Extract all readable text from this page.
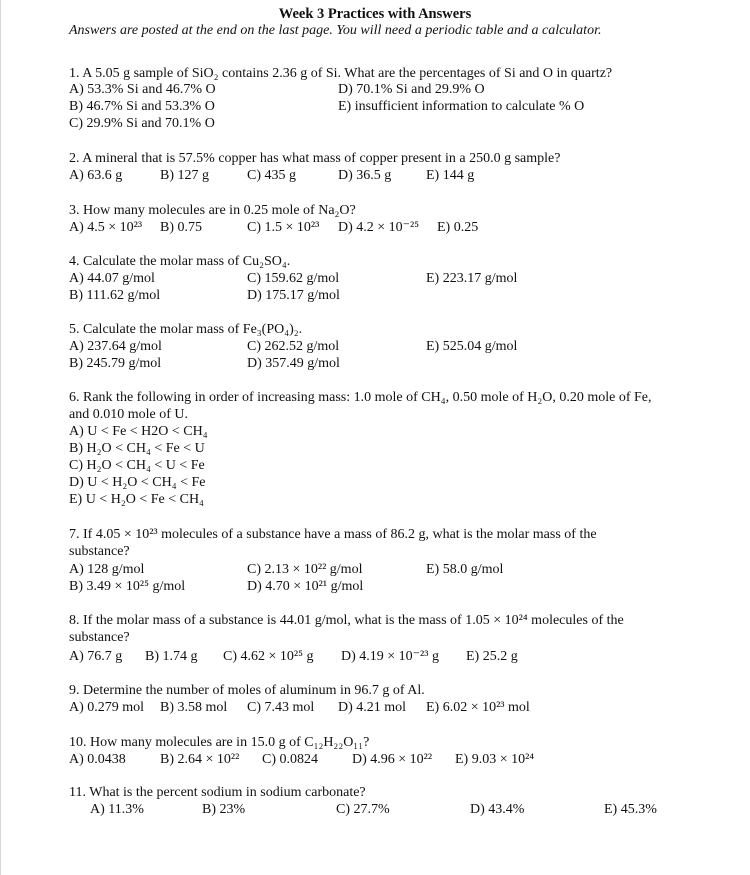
Week 3 Practices with Answers
Answers are posted at the end on the last page. You will need a periodic table and a calculator.
1. A 5.05 g sample of SiO₂ contains 2.36 g of Si. What are the percentages of Si and O in quartz?
A) 53.3% Si and 46.7% O
B) 46.7% Si and 53.3% O
C) 29.9% Si and 70.1% O
D) 70.1% Si and 29.9% O
E) insufficient information to calculate % O
2. A mineral that is 57.5% copper has what mass of copper present in a 250.0 g sample?
A) 63.6 g	B) 127 g	C) 435 g	D) 36.5 g E) 144 g
3. How many molecules are in 0.25 mole of Na₂O?
A) 4.5 × 10²³ B) 0.75	C) 1.5 × 10²³ D) 4.2 × 10⁻²⁵ E) 0.25
4. Calculate the molar mass of Cu₂SO₄.
A) 44.07 g/mol
B) 111.62 g/mol
C) 159.62 g/mol
D) 175.17 g/mol
E) 223.17 g/mol
5. Calculate the molar mass of Fe₃(PO₄)₂.
A) 237.64 g/mol
B) 245.79 g/mol
C) 262.52 g/mol
D) 357.49 g/mol
E) 525.04 g/mol
6. Rank the following in order of increasing mass: 1.0 mole of CH₄, 0.50 mole of H₂O, 0.20 mole of Fe,
and 0.010 mole of U.
A) U < Fe < H2O < CH₄
B) H₂O < CH₄ < Fe < U
C) H₂O < CH₄ < U < Fe
D) U < H₂O < CH₄ < Fe
E) U < H₂O < Fe < CH₄
7. If 4.05 × 10²³ molecules of a substance have a mass of 86.2 g, what is the molar mass of the
substance?
A) 128 g/mol
B) 3.49 × 10²⁵ g/mol
C) 2.13 × 10²² g/mol
D) 4.70 × 10²¹ g/mol
E) 58.0 g/mol
8. If the molar mass of a substance is 44.01 g/mol, what is the mass of 1.05 × 10²⁴ molecules of the
substance?
A) 76.7 g B) 1.74 g C) 4.62 × 10²⁵ g D) 4.19 × 10⁻²³ g E) 25.2 g
9. Determine the number of moles of aluminum in 96.7 g of Al.
A) 0.279 mol B) 3.58 mol C) 7.43 mol D) 4.21 mol E) 6.02 × 10²³ mol
10. How many molecules are in 15.0 g of C₁₂H₂₂O₁₁?
A) 0.0438 B) 2.64 × 10²² C) 0.0824 D) 4.96 × 10²² E) 9.03 × 10²⁴
11. What is the percent sodium in sodium carbonate?
A) 11.3%	B) 23%	C) 27.7%	D) 43.4%	E) 45.3%
